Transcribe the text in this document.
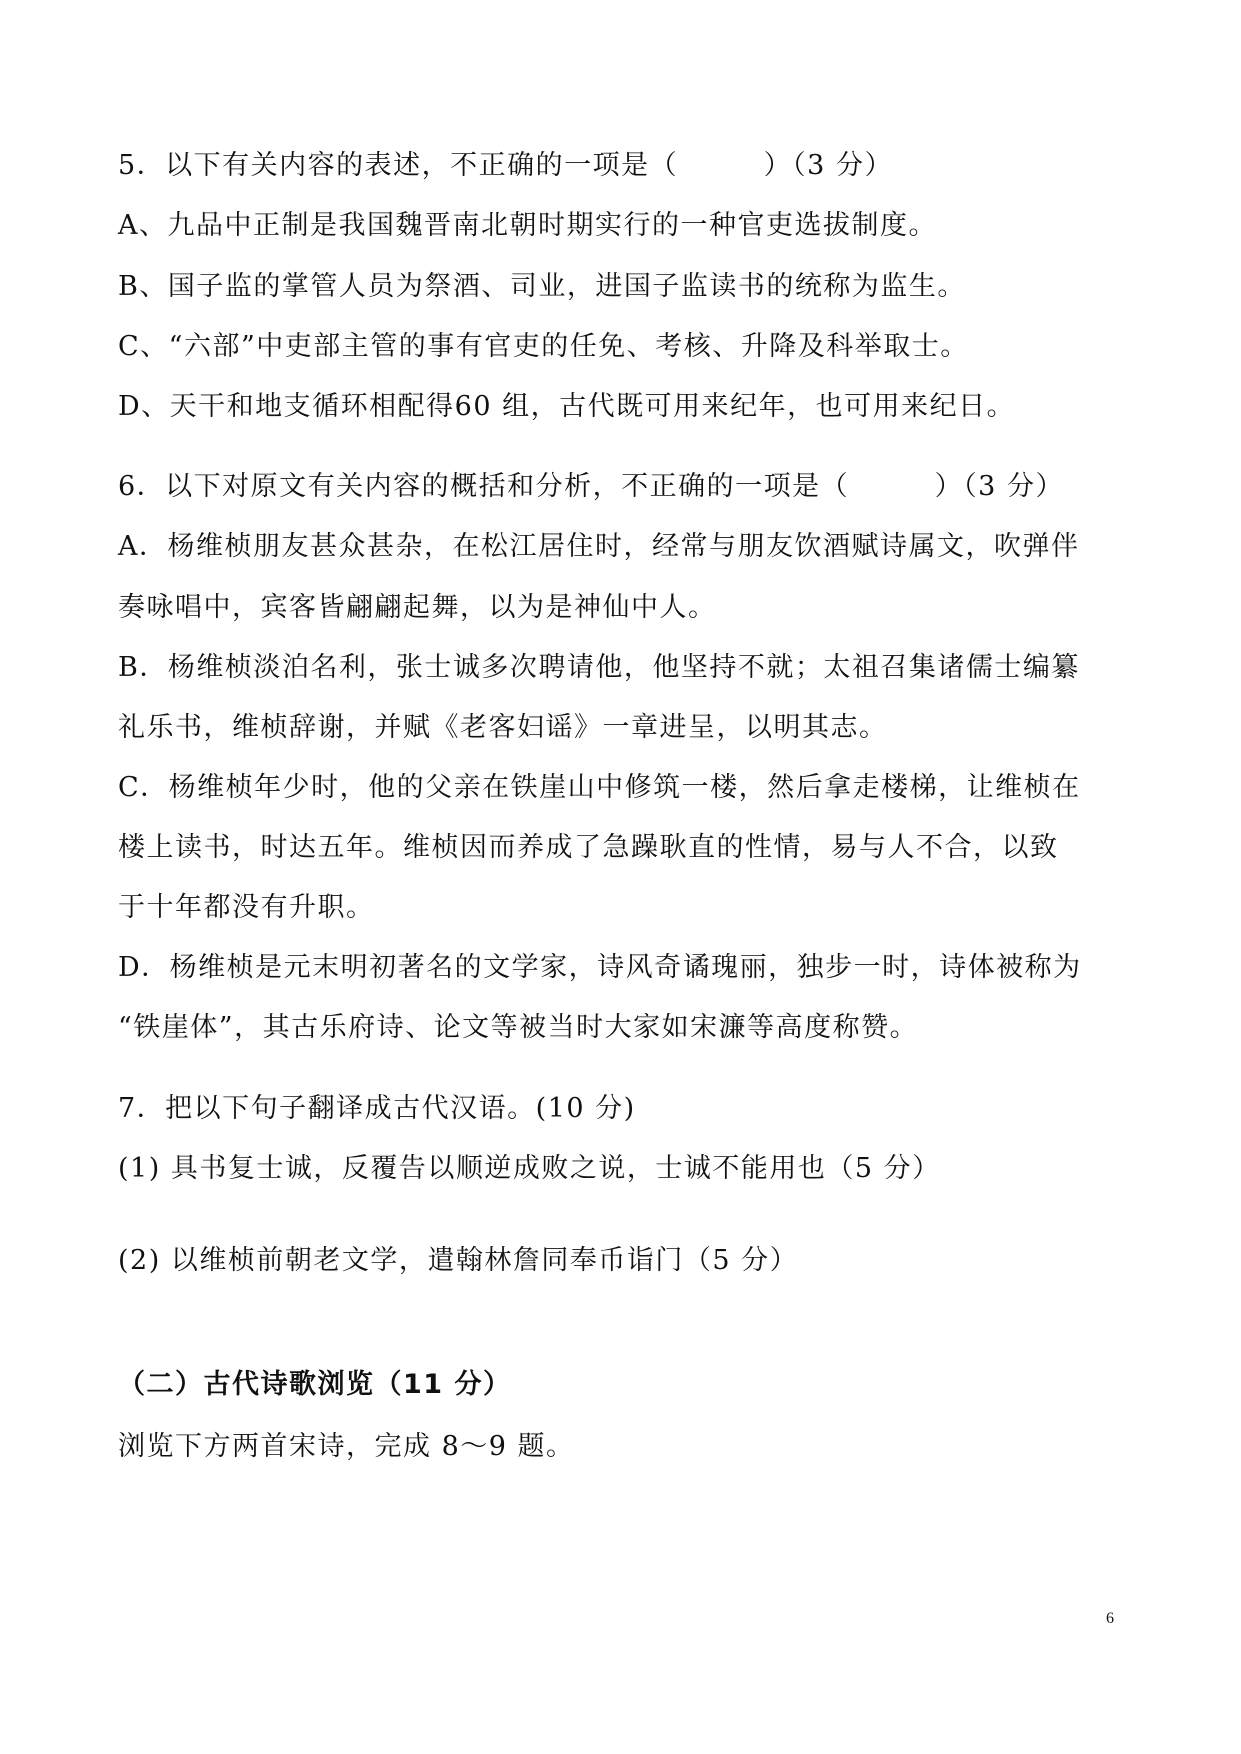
5．以下有关内容的表述，不正确的一项是（　　　）（3 分）
A、九品中正制是我国魏晋南北朝时期实行的一种官吏选拔制度。
B、国子监的掌管人员为祭酒、司业，进国子监读书的统称为监生。
C、“六部”中吏部主管的事有官吏的任免、考核、升降及科举取士。
D、天干和地支循环相配得60 组，古代既可用来纪年，也可用来纪日。
6．以下对原文有关内容的概括和分析，不正确的一项是（　　　）（3 分）
A．杨维桢朋友甚众甚杂，在松江居住时，经常与朋友饮酒赋诗属文，吹弹伴
奏咏唱中，宾客皆翩翩起舞，以为是神仙中人。
B．杨维桢淡泊名利，张士诚多次聘请他，他坚持不就；太祖召集诸儒士编纂
礼乐书，维桢辞谢，并赋《老客妇谣》一章进呈，以明其志。
C．杨维桢年少时，他的父亲在铁崖山中修筑一楼，然后拿走楼梯，让维桢在
楼上读书，时达五年。维桢因而养成了急躁耿直的性情，易与人不合，以致
于十年都没有升职。
D．杨维桢是元末明初著名的文学家，诗风奇谲瑰丽，独步一时，诗体被称为
“铁崖体”，其古乐府诗、论文等被当时大家如宋濂等高度称赞。
7．把以下句子翻译成古代汉语。(10 分)
(1) 具书复士诚，反覆告以顺逆成败之说，士诚不能用也（5 分）
(2) 以维桢前朝老文学，遣翰林詹同奉币诣门（5 分）
（二）古代诗歌浏览（11 分）
浏览下方两首宋诗，完成 8～9 题。
6
